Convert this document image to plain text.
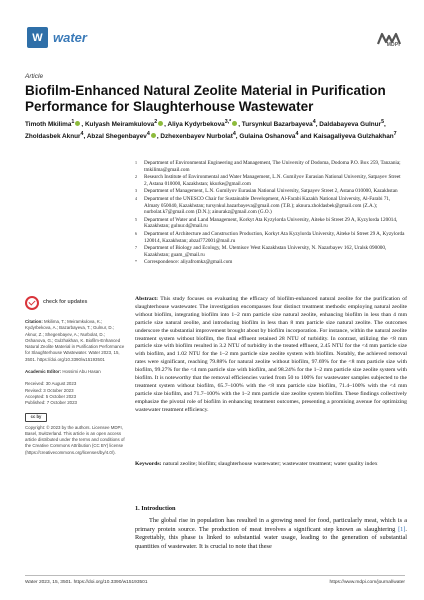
W water	MDPI
Article
Biofilm-Enhanced Natural Zeolite Material in Purification Performance for Slaughterhouse Wastewater
Timoth Mkilima$^1$ , Kulyash Meiramkulova$^2$ , Aliya Kydyrbekova$^{3,*}$ , Tursynkul Bazarbayeva$^4$, Daldabayeva Gulnur$^5$, Zholdasbek Aknur$^4$, Abzal Shegenbayev$^4$ , Dzhexenbayev Nurbolat$^4$, Gulaina Oshanova$^4$ and Kaisagaliyeva Gulzhakhan$^7$
1 Department of Environmental Engineering and Management, The University of Dodoma, Dodoma P.O. Box 259, Tanzania; tmkilima@gmail.com
2 Research Institute of Environmental and Water Management, L.N. Gumilyov Eurasian National University, Satpayev Street 2, Astana 010000, Kazakhstan; kkurke@gmail.com
3 Department of Management, L.N. Gumilyov Eurasian National University, Satpayev Street 2, Astana 010000, Kazakhstan
4 Department of the UNESCO Chair for Sustainable Development, Al-Farabi Kazakh National University, Al-Farabi 71, Almaty 050040, Kazakhstan; tursynkul.bazarbayeva@gmail.com (T.B.); aknura.zholdasbek@gmail.com (Z.A.); nurbolat.k7@gmail.com (D.N.); ainurakz@gmail.com (G.O.)
5 Department of Water and Land Management, Korkyt Ata Kyzylorda University, Aiteke bi Street 29 A, Kyzylorda 120014, Kazakhstan; gulnur.d@mail.ru
6 Department of Architecture and Construction Production, Korkyt Ata Kyzylorda University, Aiteke bi Street 29 A, Kyzylorda 120014, Kazakhstan; abzal772001@mail.ru
7 Department of Biology and Ecology, M. Utemisov West Kazakhstan University, N. Nazarbayev 162, Uralsk 090000, Kazakhstan; guam_@mail.ru
* Correspondence: aliyafromkz@gmail.com
check for updates
Citation: Mkilima, T.; Meiramkulova, K.; Kydyrbekova, A.; Bazarbayeva, T.; Gulnur, D.; Aknur, Z.; Shegenbayev, A.; Nurbolat, D.; Oshanova, G.; Gulzhakhan, K. Biofilm-Enhanced Natural Zeolite Material in Purification Performance for Slaughterhouse Wastewater. Water 2023, 15, 3501. https://doi.org/10.3390/w15193501
Academic Editor: Hossimi Abu Hasan
Received: 30 August 2023
Revised: 3 October 2023
Accepted: 5 October 2023
Published: 7 October 2023
cc by
Copyright: © 2023 by the authors. Licensee MDPI, Basel, Switzerland. This article is an open access article distributed under the terms and conditions of the Creative Commons Attribution (CC BY) license (https://creativecommons.org/licenses/by/4.0/).
Abstract: This study focuses on evaluating the efficacy of biofilm-enhanced natural zeolite for the purification of slaughterhouse wastewater. The investigation encompasses four distinct treatment methods: employing natural zeolite without biofilm, integrating biofilm into 1–2 mm particle size natural zeolite, enhancing biofilm in less than 4 mm particle size natural zeolite, and introducing biofilm in less than 8 mm particle size natural zeolite. The outcomes underscore the substantial improvement brought about by biofilm incorporation. For instance, within the natural zeolite treatment system without biofilm, the final effluent retained 28 NTU of turbidity. In contrast, utilizing the <8 mm particle size with biofilm resulted in 3.2 NTU of turbidity in the treated effluent, 2.45 NTU for the <4 mm particle size with biofilm, and 1.02 NTU for the 1–2 mm particle size zeolite system with biofilm. Notably, the achieved removal rates were significant, reaching 79.88% for natural zeolite without biofilm, 97.69% for the <8 mm particle size with biofilm, 99.27% for the <4 mm particle size with biofilm, and 98.24% for the 1–2 mm particle size zeolite system with biofilm. It is noteworthy that the removal efficiencies varied from 50 to 100% for wastewater samples subjected to the treatment system without biofilm, 65.7–100% with the <8 mm particle size biofilm, 71.4–100% with the <4 mm particle size biofilm, and 71.7–100% with the 1–2 mm particle size zeolite system biofilm. These findings collectively emphasize the pivotal role of biofilm in enhancing treatment outcomes, presenting a promising avenue for optimizing wastewater treatment efficiency.
Keywords: natural zeolite; biofilm; slaughterhouse wastewater; wastewater treatment; water quality index
1. Introduction

The global rise in population has resulted in a growing need for food, particularly meat, which is a primary protein source. The production of meat involves a significant step known as slaughtering [1]. Regrettably, this phase is linked to substantial water usage, leading to the generation of substantial quantities of wastewater. It is crucial to note that these

Water 2023, 15, 3501. https://doi.org/10.3390/w15193501	https://www.mdpi.com/journal/water
